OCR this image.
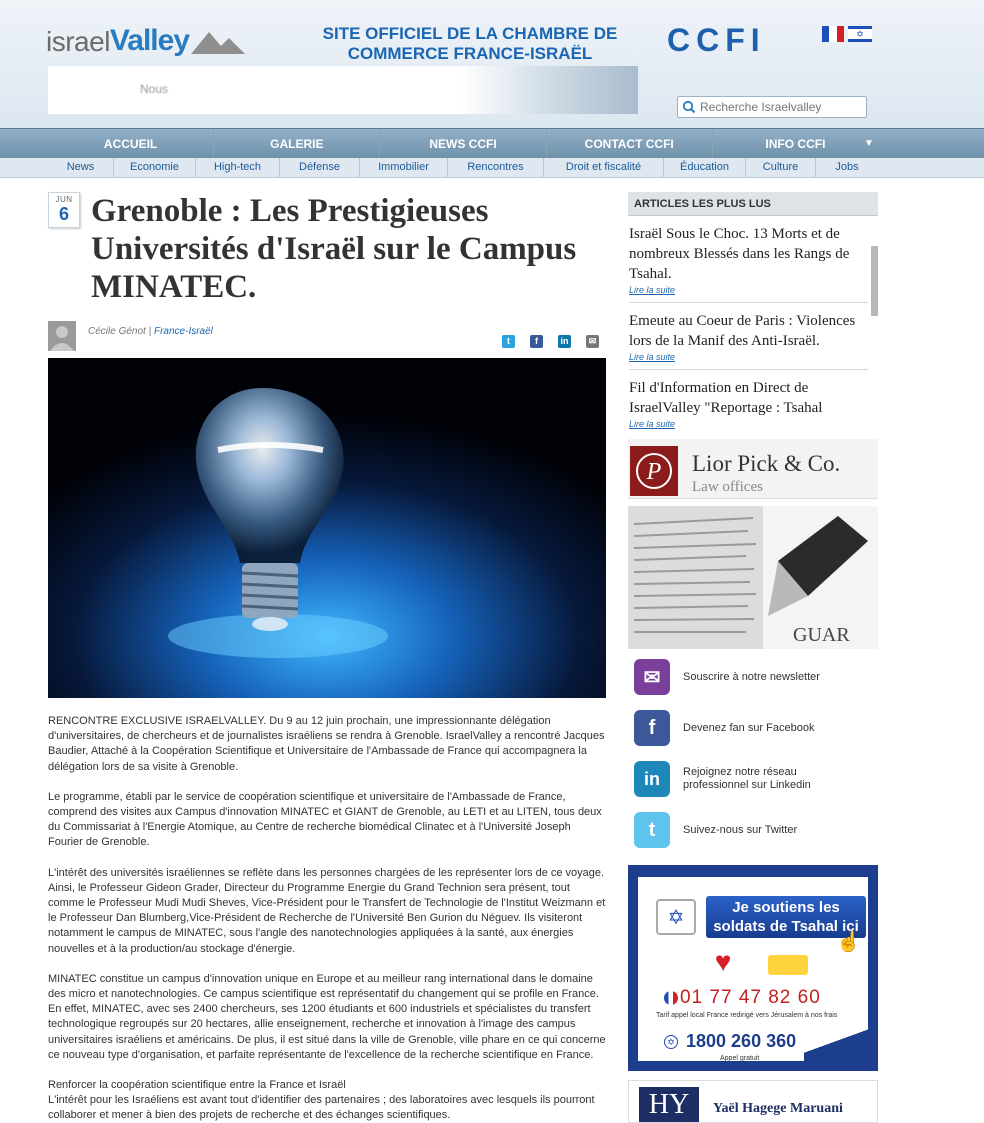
israel Valley	SITE OFFICIEL DE LA CHAMBRE DE COMMERCE FRANCE-ISRAËL	CCFI	✡
Nous
Recherche Israelvalley
ACCUEIL	GALERIE	NEWS CCFI	CONTACT CCFI	INFO CCFI	▼
News	Economie	High-tech	Défense	Immobilier	Rencontres	Droit et fiscalité	Éducation	Culture	Jobs
JUN
6 Grenoble : Les Prestigieuses Universités d'Israël sur le Campus MINATEC.
Cécile Génot | France-Israël
t	f	in	✉

RENCONTRE EXCLUSIVE ISRAELVALLEY. Du 9 au 12 juin prochain, une impressionnante délégation d'universitaires, de chercheurs et de journalistes israéliens se rendra à Grenoble. IsraelValley a rencontré Jacques Baudier, Attaché à la Coopération Scientifique et Universitaire de l'Ambassade de France qui accompagnera la délégation lors de sa visite à Grenoble.

Le programme, établi par le service de coopération scientifique et universitaire de l'Ambassade de France, comprend des visites aux Campus d'innovation MINATEC et GIANT de Grenoble, au LETI et au LITEN, tous deux du Commissariat à l'Energie Atomique, au Centre de recherche biomédical Clinatec et à l'Université Joseph Fourier de Grenoble.

L'intérêt des universités israéliennes se reflète dans les personnes chargées de les représenter lors de ce voyage. Ainsi, le Professeur Gideon Grader, Directeur du Programme Energie du Grand Technion sera présent, tout comme le Professeur Mudi Mudi Sheves, Vice-Président pour le Transfert de Technologie de l'Institut Weizmann et le Professeur Dan Blumberg,Vice-Président de Recherche de l'Université Ben Gurion du Néguev. Ils visiteront notamment le campus de MINATEC, sous l'angle des nanotechnologies appliquées à la santé, aux énergies nouvelles et à la production/au stockage d'énergie.

MINATEC constitue un campus d'innovation unique en Europe et au meilleur rang international dans le domaine des micro et nanotechnologies. Ce campus scientifique est représentatif du changement qui se profile en France. En effet, MINATEC, avec ses 2400 chercheurs, ses 1200 étudiants et 600 industriels et spécialistes du transfert technologique regroupés sur 20 hectares, allie enseignement, recherche et innovation à l'image des campus universitaires israéliens et américains. De plus, il est situé dans la ville de Grenoble, ville phare en ce qui concerne ce nouveau type d'organisation, et parfaite représentante de l'excellence de la recherche scientifique en France.

Renforcer la coopération scientifique entre la France et Israël
L'intérêt pour les Israéliens est avant tout d'identifier des partenaires ; des laboratoires avec lesquels ils pourront collaborer et mener à bien des projets de recherche et des échanges scientifiques.

ARTICLES LES PLUS LUS
Israël Sous le Choc. 13 Morts et de nombreux Blessés dans les Rangs de Tsahal.
Lire la suite
Emeute au Coeur de Paris : Violences lors de la Manif des Anti-Israël.
Lire la suite
Fil d'Information en Direct de IsraelValley "Reportage : Tsahal
Lire la suite
P Lior Pick & Co.
Law offices
GUAR
✉	Souscrire à notre newsletter
f	Devenez fan sur Facebook
in	Rejoignez notre réseau professionnel sur Linkedin
t	Suivez-nous sur Twitter
✡	Je soutiens les soldats de Tsahal ici
☝
♥
01 77 47 82 60
Tarif appel local France redirigé vers Jérusalem à nos frais
✡ 1800 260 360
Appel gratuit
HY	Yaël Hagege Maruani
